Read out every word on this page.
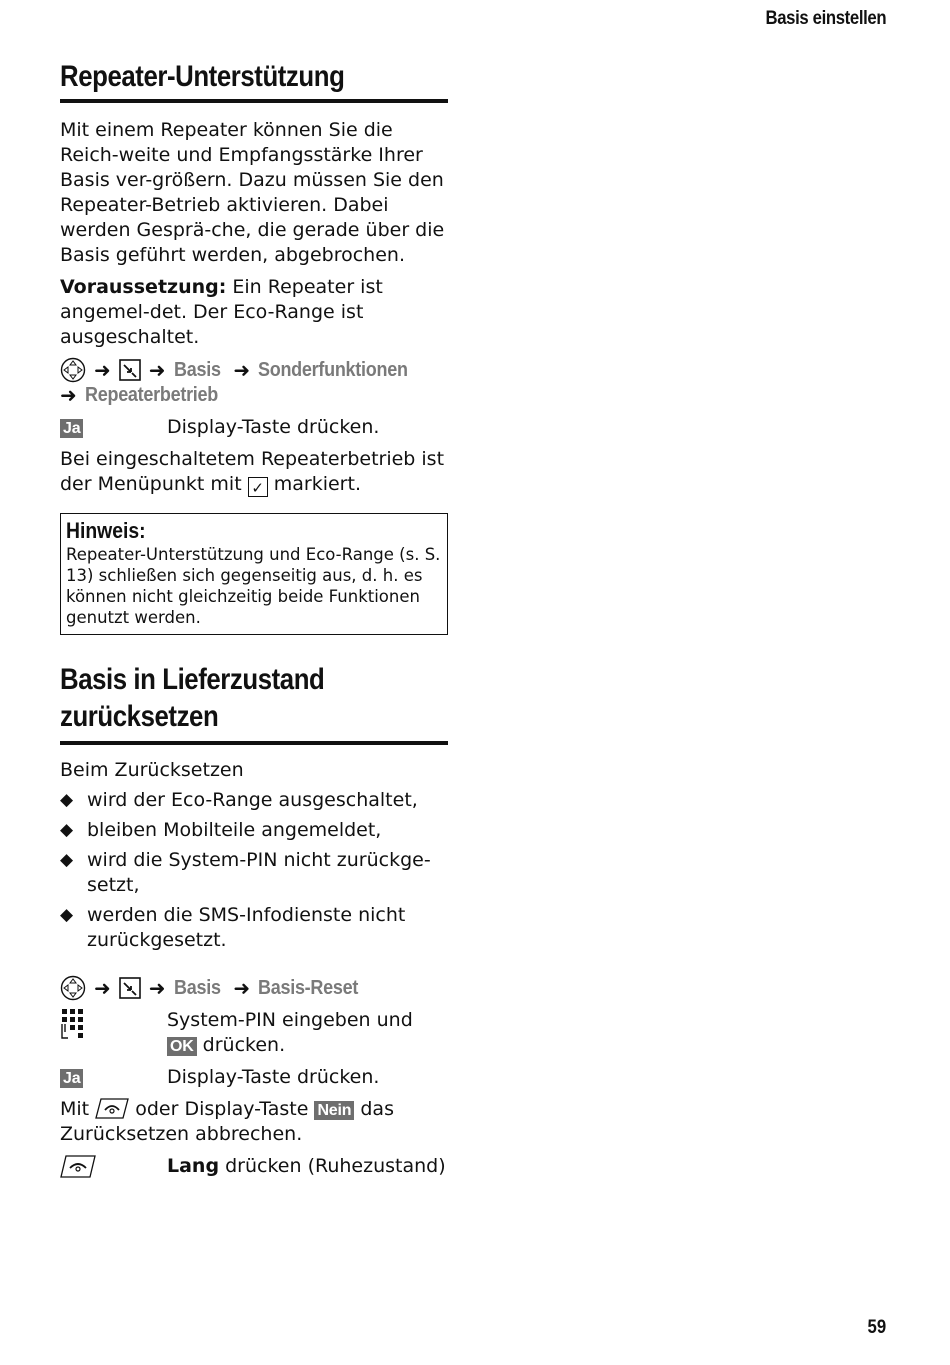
Basis einstellen
Repeater-Unterstützung

Mit einem Repeater können Sie die Reich-weite und Empfangsstärke Ihrer Basis ver-größern. Dazu müssen Sie den Repeater-Betrieb aktivieren. Dabei werden Gesprä-che, die gerade über die Basis geführt werden, abgebrochen.

Voraussetzung: Ein Repeater ist angemel-det. Der Eco-Range ist ausgeschaltet.

➜ ➜ Basis ➜ Sonderfunktionen
➜ Repeaterbetrieb
Ja	Display-Taste drücken.

Bei eingeschaltetem Repeaterbetrieb ist der Menüpunkt mit ✓ markiert.

Hinweis:
Repeater-Unterstützung und Eco-Range (s. S. 13) schließen sich gegenseitig aus, d. h. es können nicht gleichzeitig beide Funktionen genutzt werden.
Basis in Lieferzustand
zurücksetzen

Beim Zurücksetzen

◆ wird der Eco-Range ausgeschaltet,
◆ bleiben Mobilteile angemeldet,
◆ wird die System-PIN nicht zurückge-setzt,
◆ werden die SMS-Infodienste nicht zurückgesetzt.
➜ ➜ Basis ➜ Basis-Reset
System-PIN eingeben und OK drücken.
Ja	Display-Taste drücken.

Mit oder Display-Taste Nein das Zurücksetzen abbrechen.

Lang drücken (Ruhezustand)
59
